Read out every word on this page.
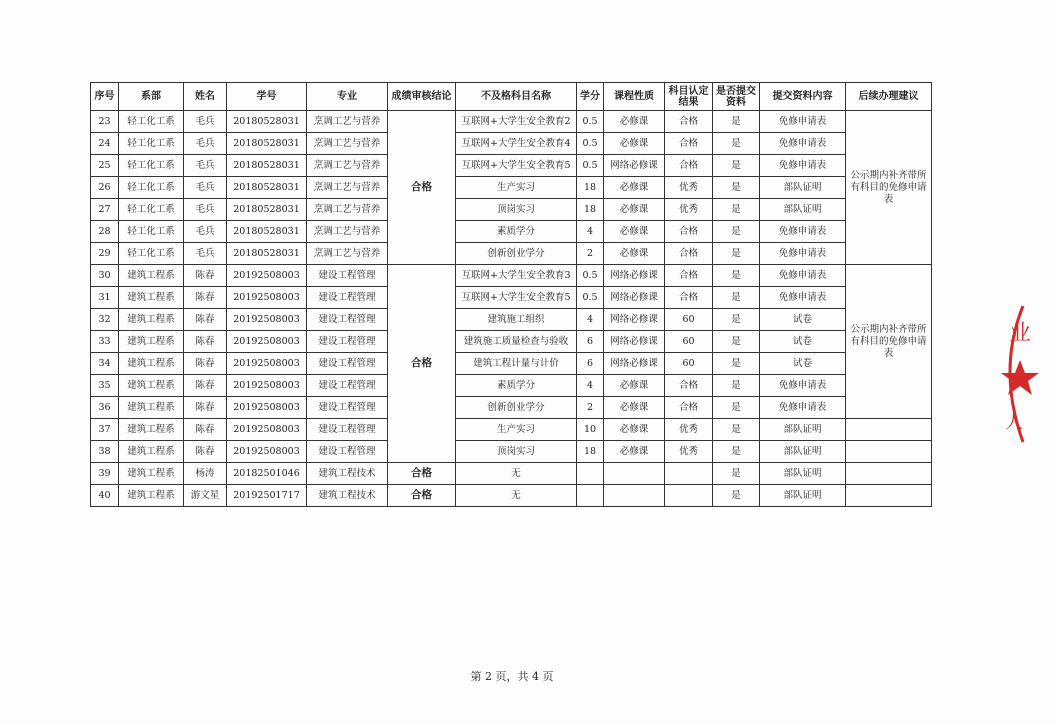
序号	系部	姓名	学号	专业	成绩审核结论	不及格科目名称	学分	课程性质	科目认定结果	是否提交资料	提交资料内容	后续办理建议
23	轻工化工系	毛兵	20180528031	烹调工艺与营养	合格	互联网+大学生安全教育2	0.5	必修课	合格	是	免修申请表	公示期内补齐带所有科目的免修申请表
24	轻工化工系	毛兵	20180528031	烹调工艺与营养		互联网+大学生安全教育4	0.5	必修课	合格	是	免修申请表	
25	轻工化工系	毛兵	20180528031	烹调工艺与营养		互联网+大学生安全教育5	0.5	网络必修课	合格	是	免修申请表	
26	轻工化工系	毛兵	20180528031	烹调工艺与营养		生产实习	18	必修课	优秀	是	部队证明	
27	轻工化工系	毛兵	20180528031	烹调工艺与营养		顶岗实习	18	必修课	优秀	是	部队证明	
28	轻工化工系	毛兵	20180528031	烹调工艺与营养		素质学分	4	必修课	合格	是	免修申请表	
29	轻工化工系	毛兵	20180528031	烹调工艺与营养		创新创业学分	2	必修课	合格	是	免修申请表	
30	建筑工程系	陈春	20192508003	建设工程管理	合格	互联网+大学生安全教育3	0.5	网络必修课	合格	是	免修申请表	公示期内补齐带所有科目的免修申请表
31	建筑工程系	陈春	20192508003	建设工程管理		互联网+大学生安全教育5	0.5	网络必修课	合格	是	免修申请表	
32	建筑工程系	陈春	20192508003	建设工程管理		建筑施工组织	4	网络必修课	60	是	试卷	
33	建筑工程系	陈春	20192508003	建设工程管理		建筑施工质量检查与验收	6	网络必修课	60	是	试卷	
34	建筑工程系	陈春	20192508003	建设工程管理		建筑工程计量与计价	6	网络必修课	60	是	试卷	
35	建筑工程系	陈春	20192508003	建设工程管理		素质学分	4	必修课	合格	是	免修申请表	
36	建筑工程系	陈春	20192508003	建设工程管理		创新创业学分	2	必修课	合格	是	免修申请表	
37	建筑工程系	陈春	20192508003	建设工程管理		生产实习	10	必修课	优秀	是	部队证明	
38	建筑工程系	陈春	20192508003	建设工程管理		顶岗实习	18	必修课	优秀	是	部队证明	
39	建筑工程系	杨涛	20182501046	建筑工程技术	合格	无				是	部队证明	
40	建筑工程系	游文星	20192501717	建筑工程技术	合格	无				是	部队证明	
第 2 页，共 4 页
业
人
